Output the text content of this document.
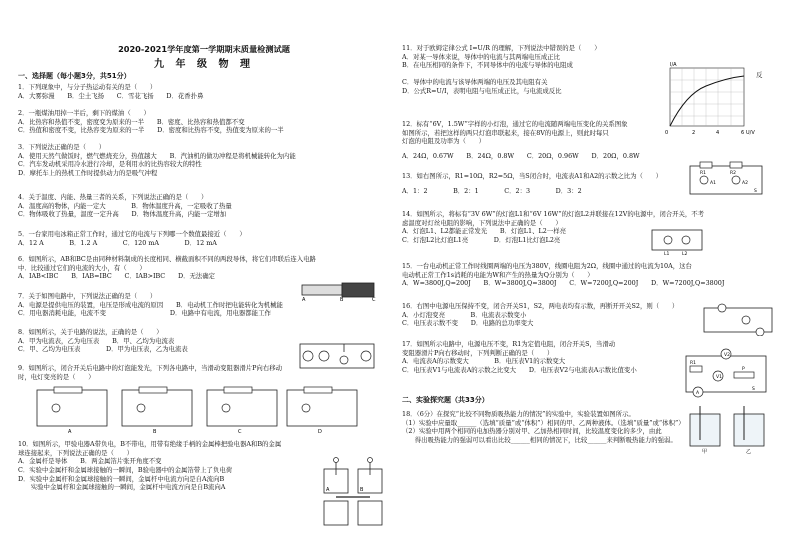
2020-2021学年度第一学期期末质量检测试题
九 年 级 物 理
一、选择题（每小题3分，共51分）
1．下列现象中，与分子热运动有关的是（　　）
A．大雾弥漫　　B．尘土飞扬　　C．雪花飞扬　　D．花香扑鼻
2．一瓶煤油用掉一半后，剩下的煤油（　　）
A．比热容和热值不变，密度变为原来的一半　　B．密度、比热容和热值都不变
C．热值和密度不变，比热容变为原来的一半　　D．密度和比热容不变，热值变为原来的一半
3．下列说法正确的是（　　）
A．使用天然气做饭时，燃气燃烧充分，热值越大　　B．汽油机的做功冲程是将机械能转化为内能
C．汽车发动机采用冷水进行冷却，是利用水的比热容较大的特性
D．摩托车上的热机工作时提供动力的是吸气冲程
4．关于温度、内能、热量三者的关系，下列说法正确的是（　　）
A．温度高的物体，内能一定大　　　　B．物体温度升高，一定吸收了热量
C．物体吸收了热量，温度一定升高　　D．物体温度升高，内能一定增加
5．一台家用电冰箱正常工作时，通过它的电流与下列哪一个数值最接近（　　）
A．12 A　　　　B．1.2 A　　　　C．120 mA　　　　D．12 mA
6．如图所示，AB和BC是由同种材料制成的长度相同、横截面积不同的两段导体，将它们串联后连入电路
中．比较通过它们的电流的大小，有（　　）
A．IAB<IBC　　B．IAB=IBC　　C．IAB>IBC　　D．无法确定
7．关于如图电路中，下列说法正确的是（　　）
A．电源是提供电压的装置，电压是形成电流的原因　　B．电动机工作时把电能转化为机械能
C．用电器消耗电能，电流不变　　　　　　　　　　D．电路中有电流，用电器都能工作
8．如图所示，关于电路的说法，正确的是（　　）
A．甲为电流表，乙为电压表　　B．甲、乙均为电流表
C．甲、乙均为电压表　　　　D．甲为电压表，乙为电流表
9．如图所示，闭合开关后电路中的灯泡能发光，下列各电路中，当滑动变阻器滑片P向右移动
时，电灯变亮的是（　　）
10．如图所示，甲验电器A带负电，B不带电，用带有绝缘手柄的金属棒把验电器A和B的金属
球连接起来，下列说法正确的是（　　）
A．金属杆是导体　　B．两金属箔片张开角度不变
C．实验中金属杆和金属球接触的一瞬间，B验电器中的金属箔带上了负电荷
D．实验中金属杆和金属球接触的一瞬间，金属杆中电流方向是自A流向B
　　实验中金属杆和金属球接触的一瞬间，金属杆中电流方向是自B流向A
A	B	C
A	B	C	D
A	B
11．对于欧姆定律公式 I=U/R 的理解，下列说法中错误的是（　　）
A．对某一导体来说，导体中的电流与其两端电压成正比
B．在电压相同的条件下，不同导体中的电流与导体的电阻成
C．导体中的电流与该导体两端的电压及其电阻有关
D．公式R=U/I，表明电阻与电压成正比，与电流成反比
12．标有“6V，1.5W”字样的小灯泡，通过它的电流随两端电压变化的关系图象
如图所示，若把这样的两只灯泡串联起来，接在8V的电源上，则此时每只
灯泡的电阻及功率为（　　）
A．24Ω，0.67W　　B．24Ω，0.8W　　C．20Ω，0.96W　　D．20Ω，0.8W
13．如右图所示，R1=10Ω，R2=5Ω，当S闭合时，电流表A1和A2的示数之比为（　　）
A．1：2　　　　B．2：1　　　　C．2：3　　　　D．3：2
14．如图所示，将标有“3V 6W”的灯泡L1和“6V 16W”的灯泡L2并联接在12V的电源中，闭合开关，不考
虑温度对灯丝电阻的影响，下列说法中正确的是（　　）
A．灯泡L1、L2都能正常发光　　B．灯泡L1、L2一样亮
C．灯泡L2比灯泡L1亮　　　　D．灯泡L1比灯泡L2亮
15．一台电动机正常工作时线圈两端的电压为380V，线圈电阻为2Ω，线圈中通过的电流为10A，这台
电动机正常工作1s消耗的电能为W和产生的热量为Q分别为（　　）
A．W=3800J,Q=200J　　B．W=3800J,Q=3800J　　C．W=7200J,Q=200J　　D．W=7200J,Q=3800J
16．右图中电源电压保持不变，闭合开关S1，S2，两电表均有示数，再断开开关S2，则（　　）
A．小灯泡变亮　　　　B．电流表示数变小
C．电压表示数不变　　D．电路的总功率变大
17．如图所示电路中，电源电压不变，R1为定值电阻，闭合开关S，当滑动
变阻器滑片P向右移动时，下列判断正确的是（　　）
A．电流表A的示数变大　　　　B．电压表V1的示数变大
C．电压表V1与电流表A的示数之比变大　　D．电压表V2与电流表A示数比值变小
二、实验探究题（共33分）
18．（6分）在探究“比较不同物质吸热能力的情况”的实验中，实验装置如图所示。
（1）实验中应量取______（选填“质量”或“体积”）相同的甲、乙两种液体。（选填“质量”或“体积”）
（2）实验中用两个相同的电加热器分别对甲、乙加热相同时间，比较温度变化的多少，由此
　　得出吸热能力的强弱可以看出比较______相同的情况下，比较______来判断吸热能力的强弱。
I/A
U/V
0	2	4	6
反
R1	R2
A1	A2
S
L1	L2
R1
V1
V2
A
P
S
甲	乙
